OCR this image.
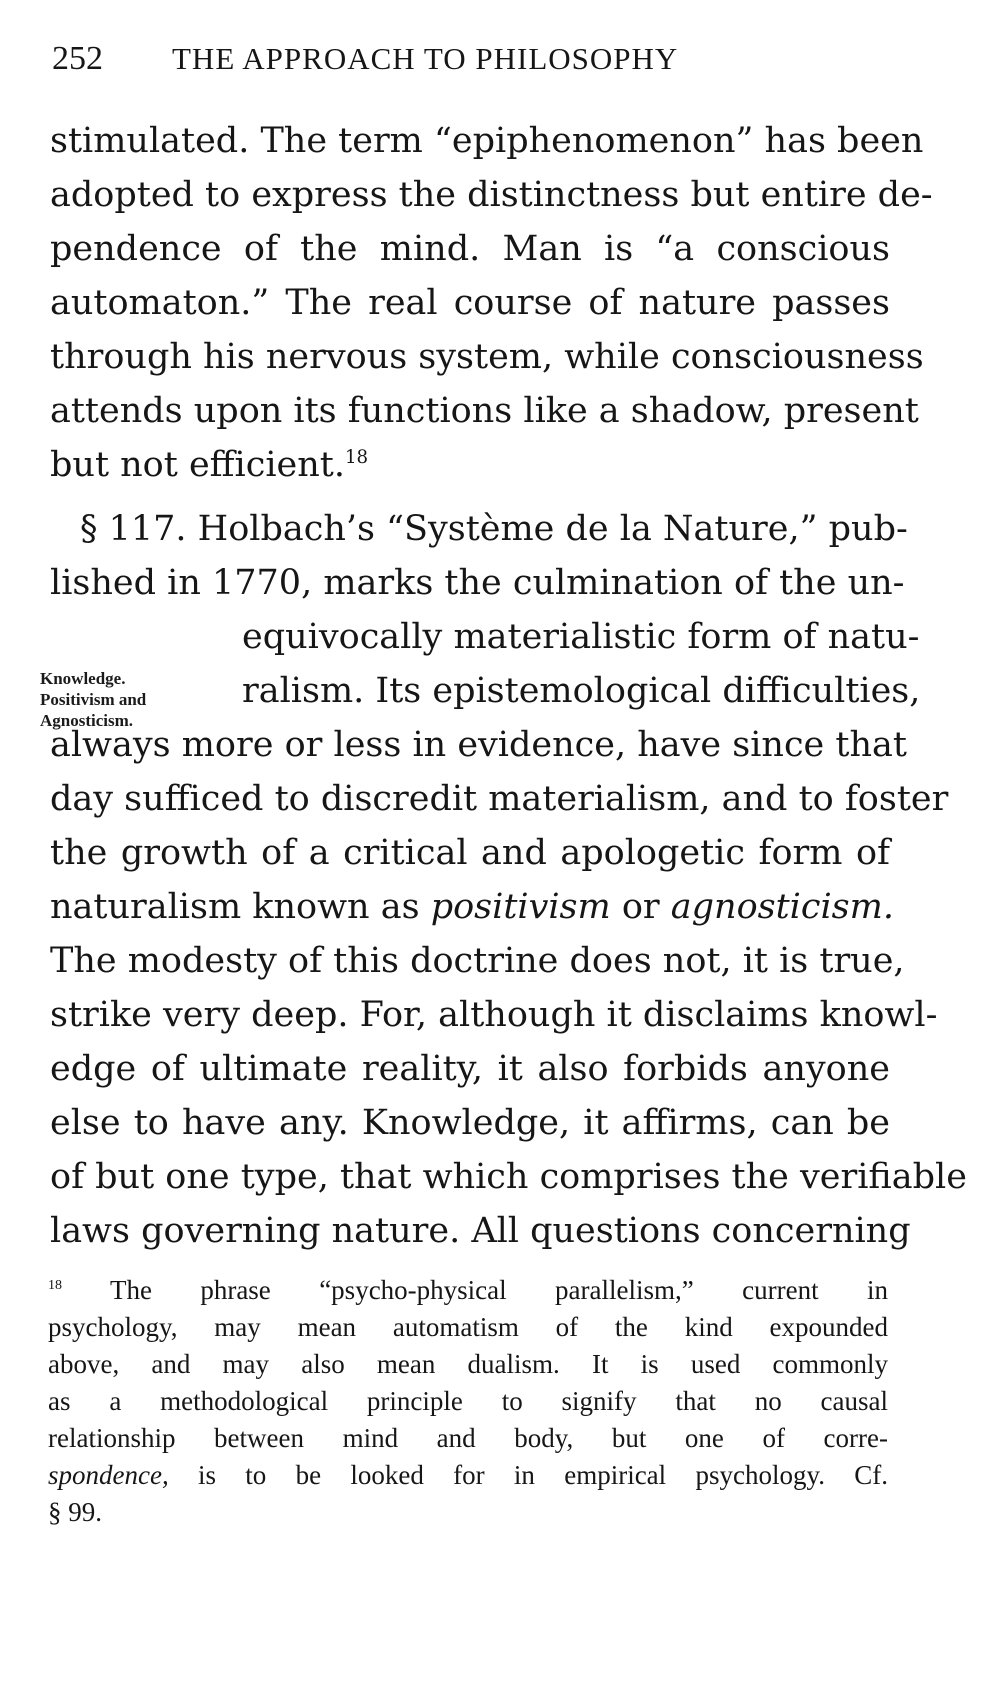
252	THE APPROACH TO PHILOSOPHY
stimulated. The term “epiphenomenon” has been
adopted to express the distinctness but entire de-
pendence of the mind. Man is “a conscious
automaton.” The real course of nature passes
through his nervous system, while consciousness
attends upon its functions like a shadow, present
but not efficient.$^{18}$
§ 117. Holbach’s “Système de la Nature,” pub-
lished in 1770, marks the culmination of the un-
Knowledge.
Positivism and
Agnosticism.
equivocally materialistic form of natu-
ralism. Its epistemological difficulties,
always more or less in evidence, have since that
day sufficed to discredit materialism, and to foster
the growth of a critical and apologetic form of
naturalism known as positivism or agnosticism.
The modesty of this doctrine does not, it is true,
strike very deep. For, although it disclaims knowl-
edge of ultimate reality, it also forbids anyone
else to have any. Knowledge, it affirms, can be
of but one type, that which comprises the verifiable
laws governing nature. All questions concerning
$^{18}$ The phrase “psycho-physical parallelism,” current in
psychology, may mean automatism of the kind expounded
above, and may also mean dualism. It is used commonly
as a methodological principle to signify that no causal
relationship between mind and body, but one of corre-
spondence, is to be looked for in empirical psychology. Cf.
§ 99.
